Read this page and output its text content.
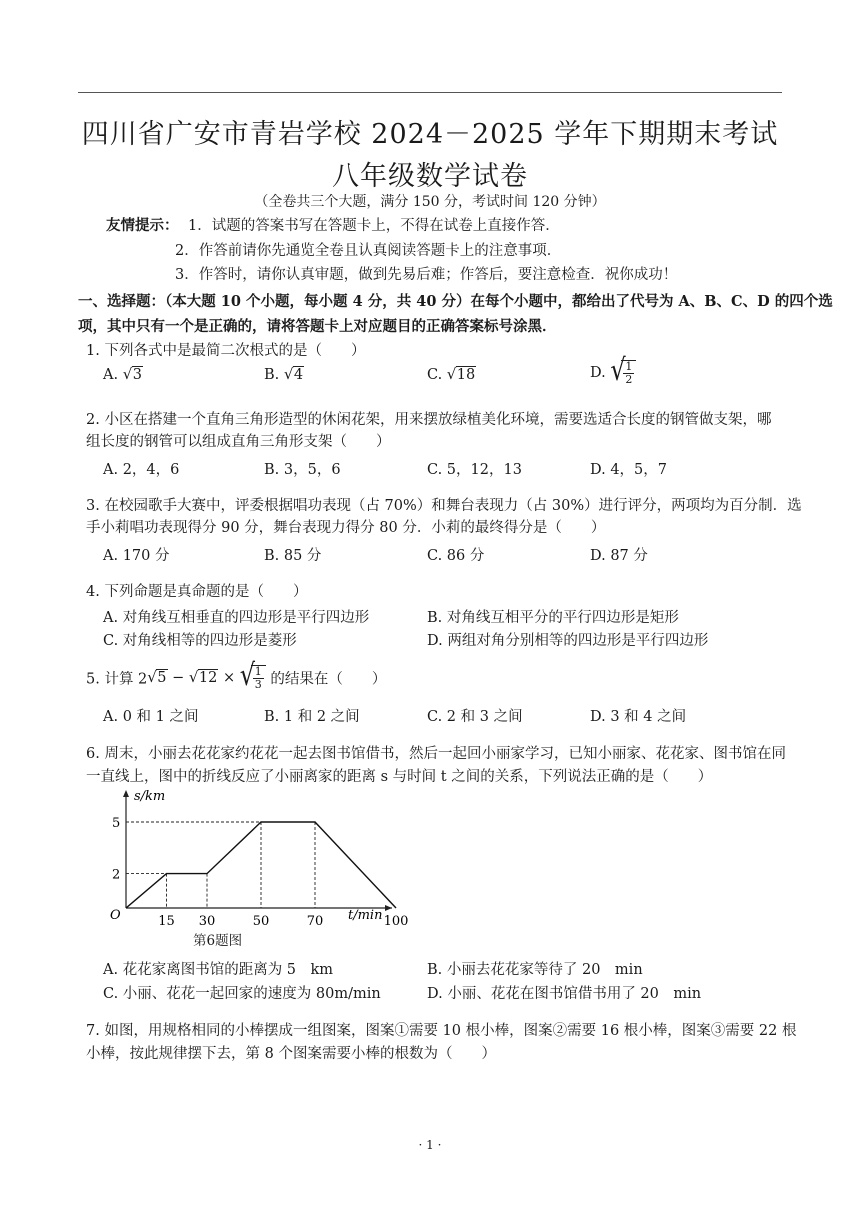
四川省广安市青岩学校 2024－2025 学年下期期末考试
八年级数学试卷
（全卷共三个大题，满分 150 分，考试时间 120 分钟）
友情提示： 1．试题的答案书写在答题卡上，不得在试卷上直接作答．
2．作答前请你先通览全卷且认真阅读答题卡上的注意事项．
3．作答时，请你认真审题，做到先易后难；作答后，要注意检查．祝你成功！
一、选择题：（本大题 10 个小题，每小题 4 分，共 40 分）在每个小题中，都给出了代号为 A、B、C、D 的四个选
项，其中只有一个是正确的，请将答题卡上对应题目的正确答案标号涂黑．
1. 下列各式中是最简二次根式的是（　　）
A. √ 3	B. √ 4	C. √ 18	D. √
$\frac{1}{2}$
2. 小区在搭建一个直角三角形造型的休闲花架，用来摆放绿植美化环境，需要选适合长度的钢管做支架，哪
组长度的钢管可以组成直角三角形支架（　　）
A. 2，4，6	B. 3，5，6	C. 5，12，13	D. 4，5，7
3. 在校园歌手大赛中，评委根据唱功表现（占 70%）和舞台表现力（占 30%）进行评分，两项均为百分制．选
手小莉唱功表现得分 90 分，舞台表现力得分 80 分．小莉的最终得分是（　　）
A. 170 分	B. 85 分	C. 86 分	D. 87 分
4. 下列命题是真命题的是（　　）
A. 对角线互相垂直的四边形是平行四边形	B. 对角线互相平分的平行四边形是矩形
C. 对角线相等的四边形是菱形	D. 两组对角分别相等的四边形是平行四边形
5. 计算 2 √ 5 − √ 12 × √
$\frac{1}{3}$ 的结果在（　　）
A. 0 和 1 之间	B. 1 和 2 之间	C. 2 和 3 之间	D. 3 和 4 之间
6. 周末，小丽去花花家约花花一起去图书馆借书，然后一起回小丽家学习，已知小丽家、花花家、图书馆在同
一直线上，图中的折线反应了小丽离家的距离 s 与时间 t 之间的关系，下列说法正确的是（　　）
s/km
t/min
O
2
5
15 30	50	70	100
第6题图
A. 花花家离图书馆的距离为 5　km	B. 小丽去花花家等待了 20　min
C. 小丽、花花一起回家的速度为 80m/min	D. 小丽、花花在图书馆借书用了 20　min
7. 如图，用规格相同的小棒摆成一组图案，图案①需要 10 根小棒，图案②需要 16 根小棒，图案③需要 22 根
小棒，按此规律摆下去，第 8 个图案需要小棒的根数为（　　）
· 1 ·
